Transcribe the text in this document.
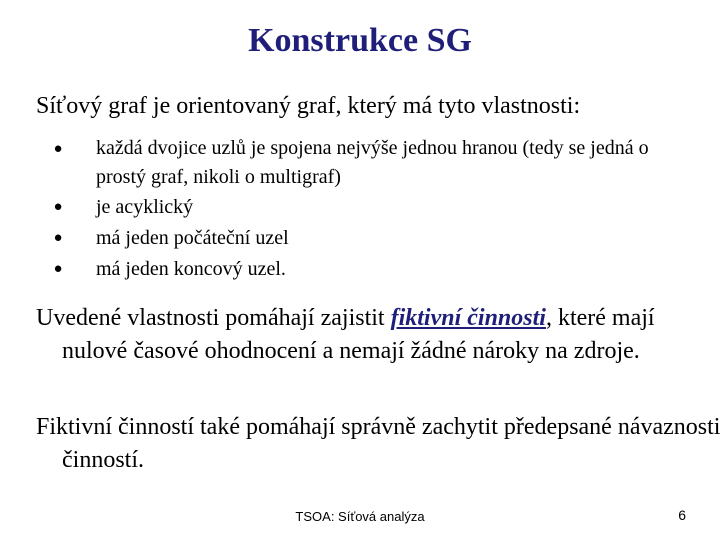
Konstrukce SG
Síťový graf je orientovaný graf, který má tyto vlastnosti:
● každá dvojice uzlů je spojena nejvýše jednou hranou (tedy se jedná o prostý graf, nikoli o multigraf)
● je acyklický
● má jeden počáteční uzel
● má jeden koncový uzel.
Uvedené vlastnosti pomáhají zajistit fiktivní činnosti, které mají nulové časové ohodnocení a nemají žádné nároky na zdroje.
Fiktivní činností také pomáhají správně zachytit předepsané návaznosti činností.
TSOA: Síťová analýza	6
